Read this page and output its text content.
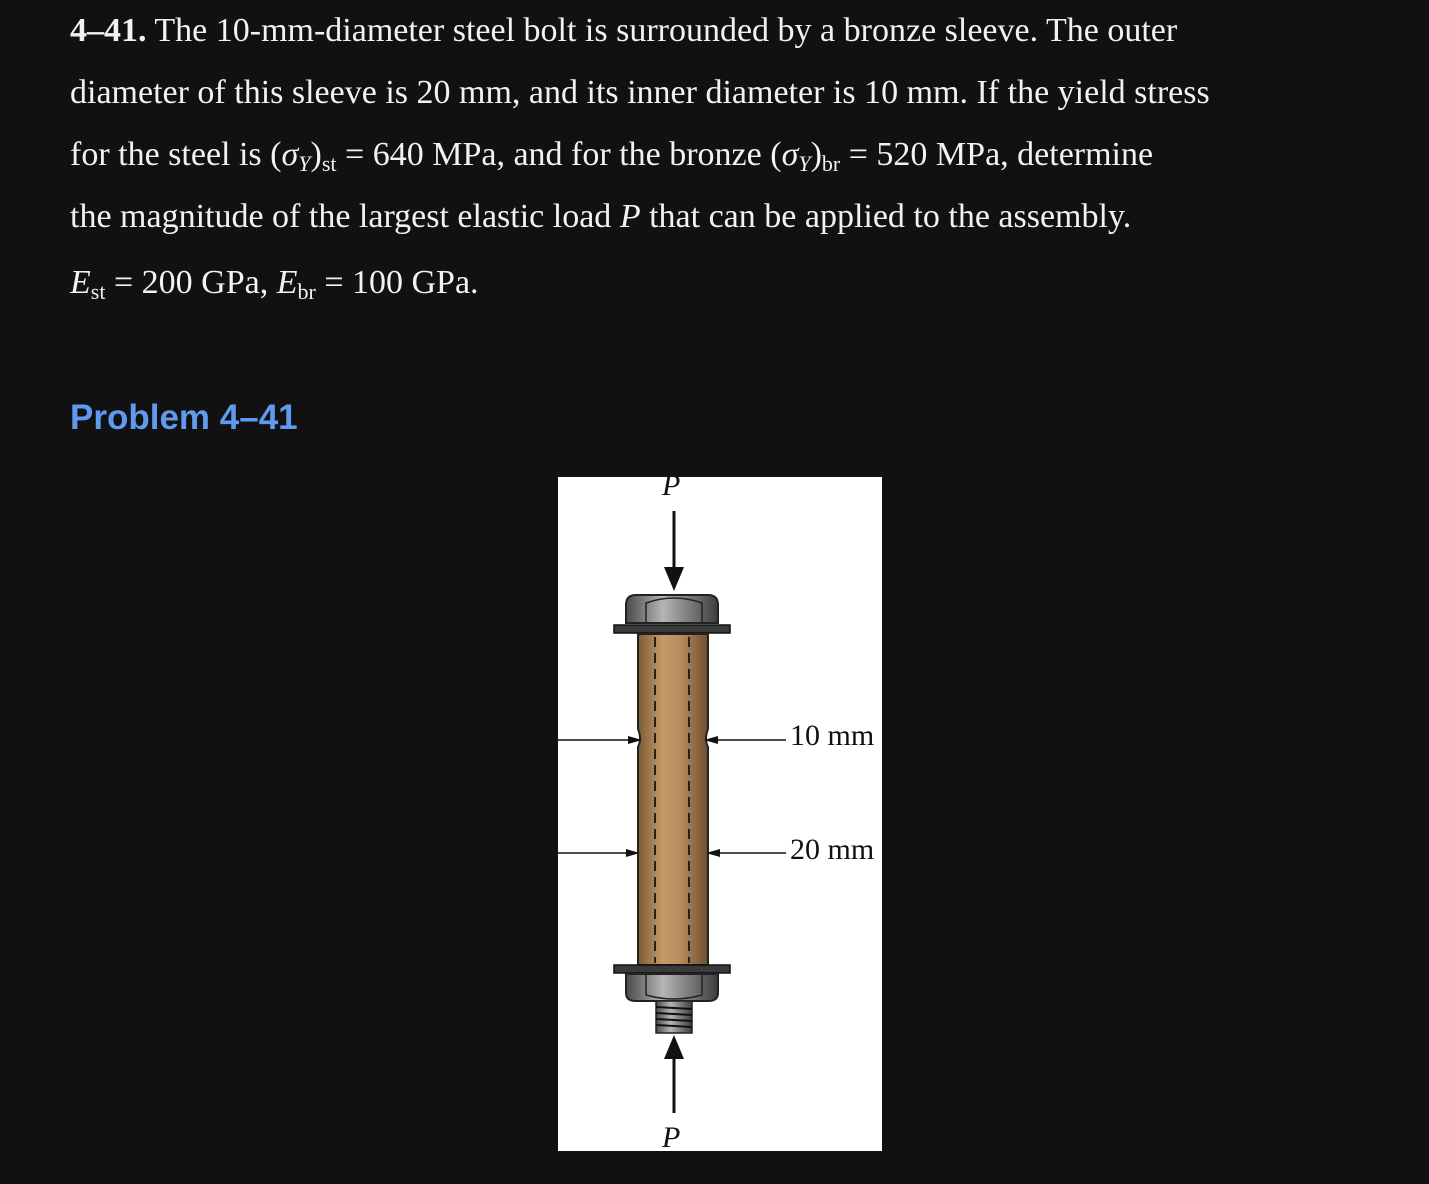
4–41. The 10-mm-diameter steel bolt is surrounded by a bronze sleeve. The outer
diameter of this sleeve is 20 mm, and its inner diameter is 10 mm. If the yield stress
for the steel is $(\sigma_Y)_{st} = 640$ MPa, and for the bronze $(\sigma_Y)_{br} = 520$ MPa, determine
the magnitude of the largest elastic load P that can be applied to the assembly.
$E_{st} = 200$ GPa, $E_{br} = 100$ GPa.
Problem 4–41
P
P
10 mm
20 mm
